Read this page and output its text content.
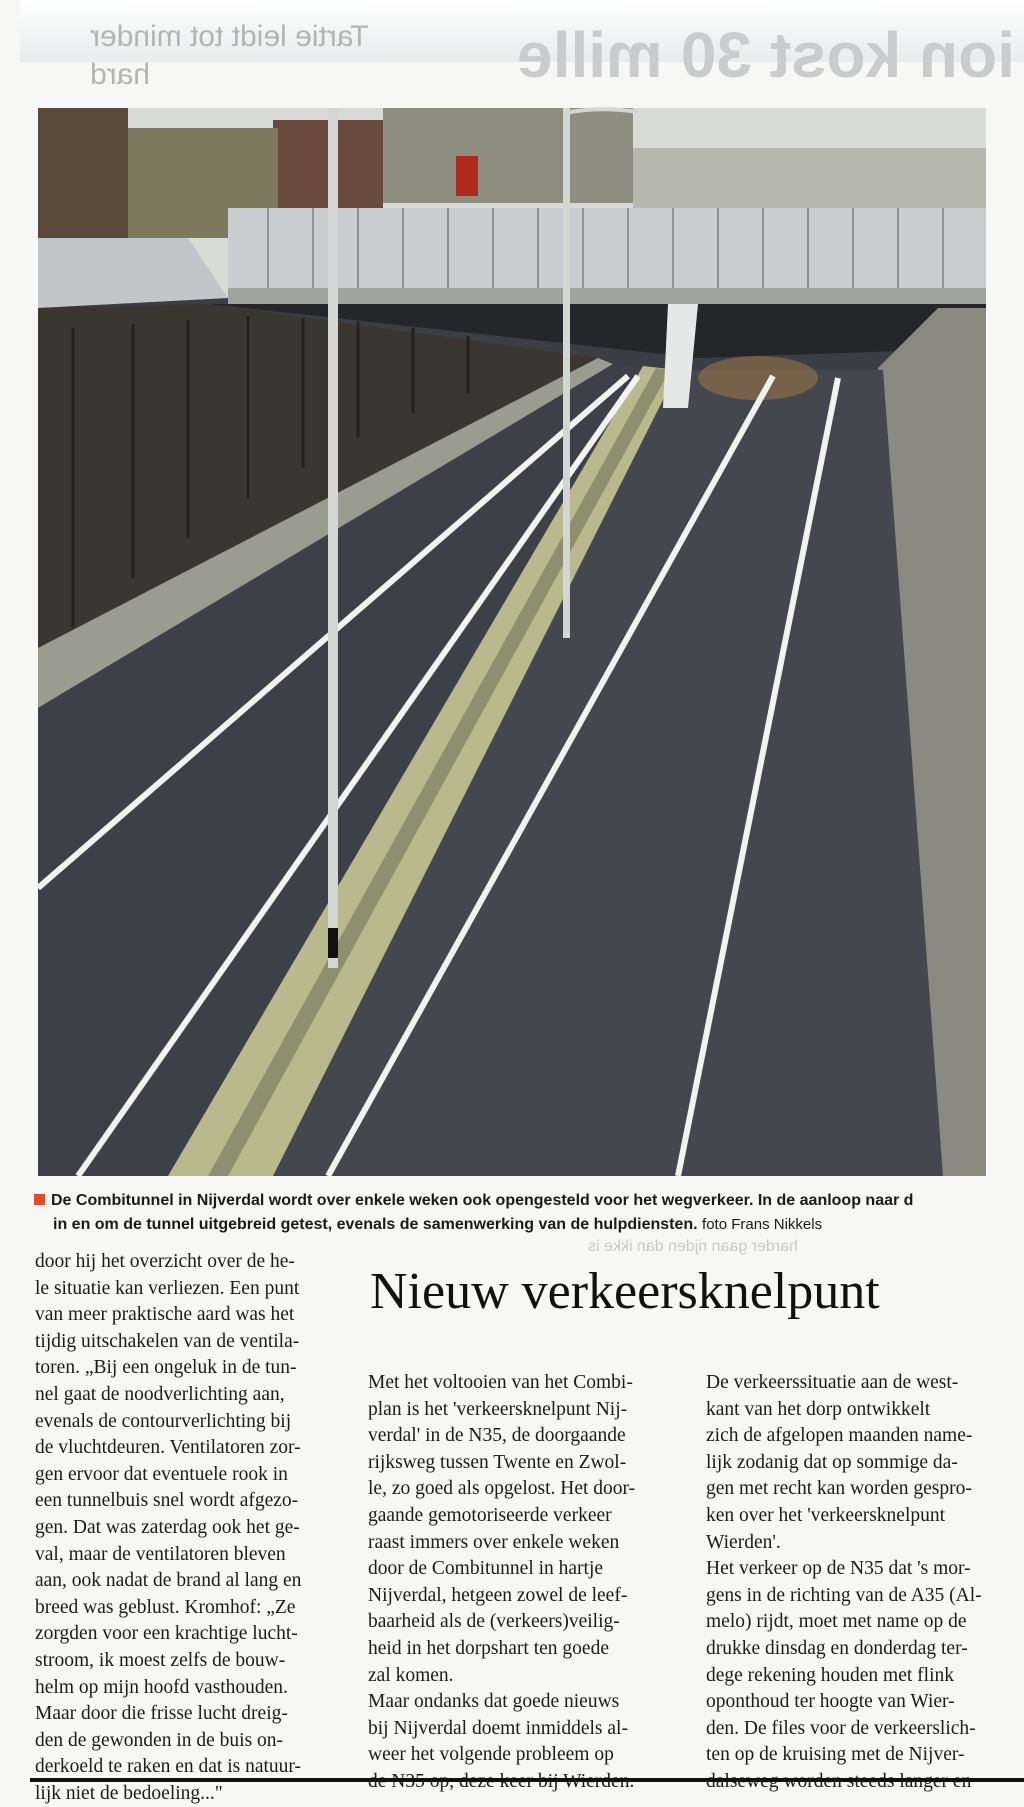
Tartie leidt tot minder hard	ion kost 30 mille
De Combitunnel in Nijverdal wordt over enkele weken ook opengesteld voor het wegverkeer. In de aanloop naar d
in en om de tunnel uitgebreid getest, evenals de samenwerking van de hulpdiensten. foto Frans Nikkels
harder gaan rijden dan ikke is

door hij het overzicht over de he-

le situatie kan verliezen. Een punt

van meer praktische aard was het

tijdig uitschakelen van de ventila-

toren. „Bij een ongeluk in de tun-

nel gaat de noodverlichting aan,

evenals de contourverlichting bij

de vluchtdeuren. Ventilatoren zor-

gen ervoor dat eventuele rook in

een tunnelbuis snel wordt afgezo-

gen. Dat was zaterdag ook het ge-

val, maar de ventilatoren bleven

aan, ook nadat de brand al lang en

breed was geblust. Kromhof: „Ze

zorgden voor een krachtige lucht-

stroom, ik moest zelfs de bouw-

helm op mijn hoofd vasthouden.

Maar door die frisse lucht dreig-

den de gewonden in de buis on-

derkoeld te raken en dat is natuur-

lijk niet de bedoeling..."

Nieuw verkeersknelpunt

Met het voltooien van het Combi-

plan is het 'verkeersknelpunt Nij-

verdal' in de N35, de doorgaande

rijksweg tussen Twente en Zwol-

le, zo goed als opgelost. Het door-

gaande gemotoriseerde verkeer

raast immers over enkele weken

door de Combitunnel in hartje

Nijverdal, hetgeen zowel de leef-

baarheid als de (verkeers)veilig-

heid in het dorpshart ten goede

zal komen.

Maar ondanks dat goede nieuws

bij Nijverdal doemt inmiddels al-

weer het volgende probleem op

De verkeerssituatie aan de west-

kant van het dorp ontwikkelt

zich de afgelopen maanden name-

lijk zodanig dat op sommige da-

gen met recht kan worden gespro-

ken over het 'verkeersknelpunt

Wierden'.

Het verkeer op de N35 dat 's mor-

gens in de richting van de A35 (Al-

melo) rijdt, moet met name op de

drukke dinsdag en donderdag ter-

dege rekening houden met flink

oponthoud ter hoogte van Wier-

den. De files voor de verkeerslich-

ten op de kruising met de Nijver-
